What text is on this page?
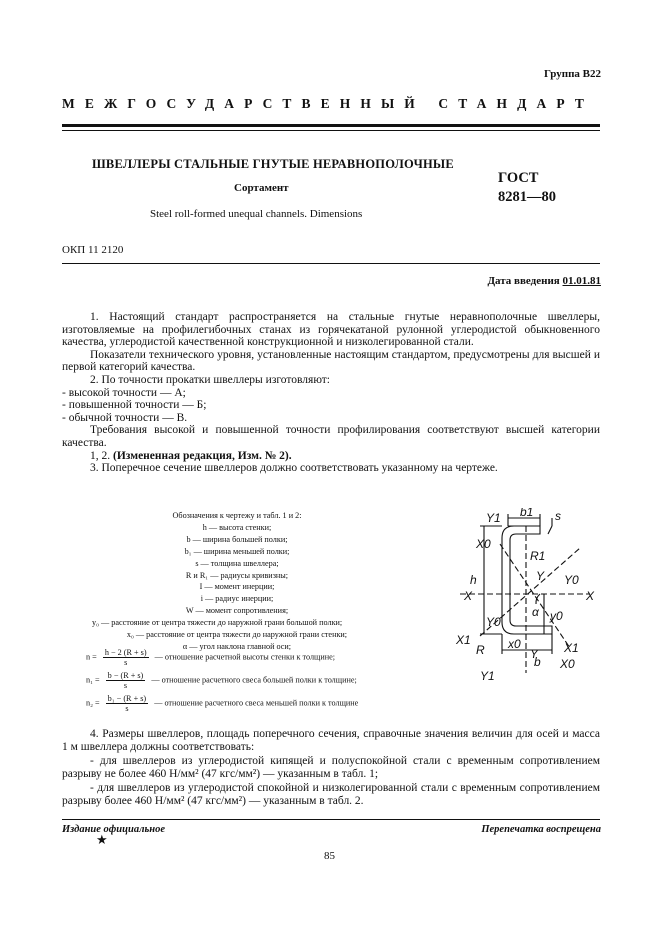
Группа В22
МЕЖГОСУДАРСТВЕННЫЙ СТАНДАРТ
ШВЕЛЛЕРЫ СТАЛЬНЫЕ ГНУТЫЕ НЕРАВНОПОЛОЧНЫЕ
Сортамент
Steel roll-formed unequal channels. Dimensions
ГОСТ
8281—80
ОКП 11 2120
Дата введения 01.01.81

1. Настоящий стандарт распространяется на стальные гнутые неравнополочные швеллеры, изготовляемые на профилегибочных станах из горячекатаной рулонной углеродистой обыкновенного качества, углеродистой качественной конструкционной и низколегированной стали.

Показатели технического уровня, установленные настоящим стандартом, предусмотрены для высшей и первой категорий качества.

2. По точности прокатки швеллеры изготовляют:

- высокой точности — А;

- повышенной точности — Б;

- обычной точности — В.

Требования высокой и повышенной точности профилирования соответствуют высшей категории качества.

1, 2. (Измененная редакция, Изм. № 2).

3. Поперечное сечение швеллеров должно соответствовать указанному на чертеже.

Обозначения к чертежу и табл. 1 и 2:
h — высота стенки;
b — ширина большей полки;
b₁ — ширина меньшей полки;
s — толщина швеллера;
R и R₁ — радиусы кривизны;
I — момент инерции;
i — радиус инерции;
W — момент сопротивления;
y₀ — расстояние от центра тяжести до наружной грани большой полки;
x₀ — расстояние от центра тяжести до наружной грани стенки;
α — угол наклона главной оси;
$n = \frac{h - 2 (R + s)}{s}$ — отношение расчетной высоты стенки к толщине;
$n_1 = \frac{b - (R + s)}{s}$ — отношение расчетного свеса большей полки к толщине;
$n_2 = \frac{\text{b₁ − (R + s)}}{s}$ — отношение расчетного свеса меньшей полки к толщине
Y1 b1 s
X0
R1
Y Y0
h
X	X
α y0
Y0
X1
X1
R x0
Y
X0
b
Y1

4. Размеры швеллеров, площадь поперечного сечения, справочные значения величин для осей и масса 1 м швеллера должны соответствовать:

- для швеллеров из углеродистой кипящей и полуспокойной стали с временным сопротивлением разрыву не более 460 Н/мм² (47 кгс/мм²) — указанным в табл. 1;

- для швеллеров из углеродистой спокойной и низколегированной стали с временным сопротивлением разрыву более 460 Н/мм² (47 кгс/мм²) — указанным в табл. 2.

Издание официальное	Перепечатка воспрещена
★
85
